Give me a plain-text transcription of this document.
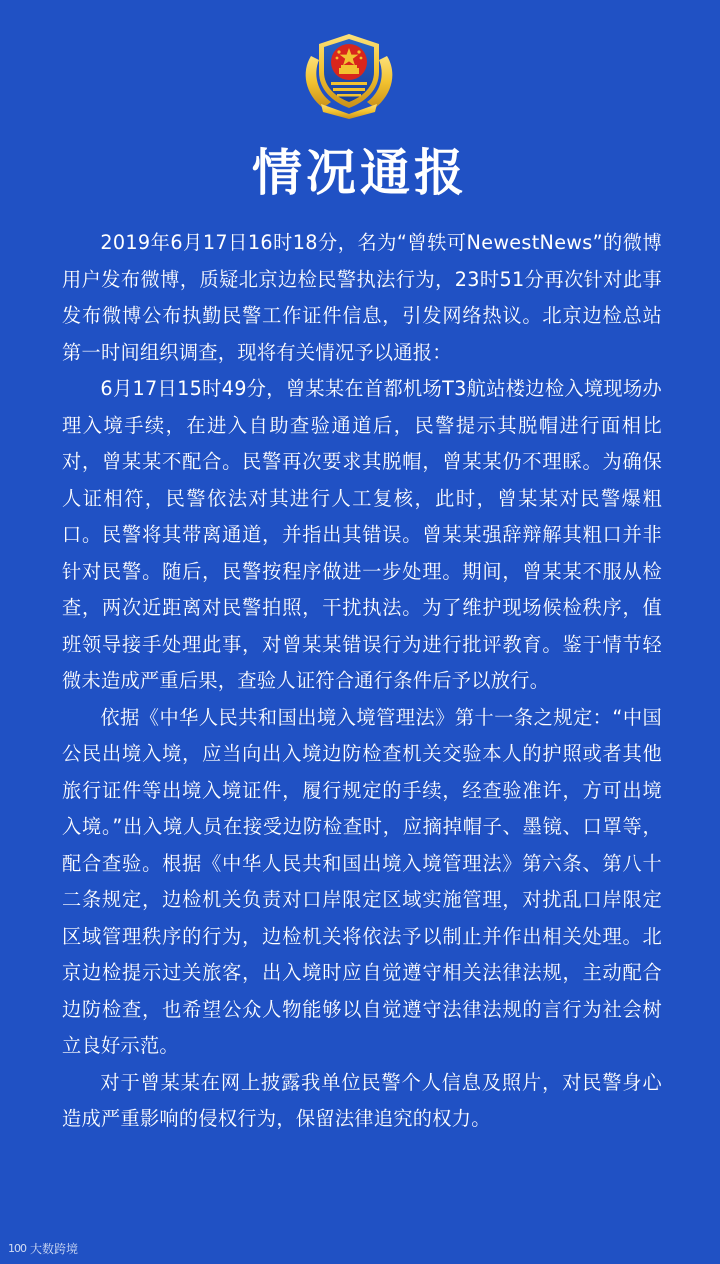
情况通报

2019年6月17日16时18分，名为“曾轶可NewestNews”的微博用户发布微博，质疑北京边检民警执法行为，23时51分再次针对此事发布微博公布执勤民警工作证件信息，引发网络热议。北京边检总站第一时间组织调查，现将有关情况予以通报：

6月17日15时49分，曾某某在首都机场T3航站楼边检入境现场办理入境手续，在进入自助查验通道后，民警提示其脱帽进行面相比对，曾某某不配合。民警再次要求其脱帽，曾某某仍不理睬。为确保人证相符，民警依法对其进行人工复核，此时，曾某某对民警爆粗口。民警将其带离通道，并指出其错误。曾某某强辞辩解其粗口并非针对民警。随后，民警按程序做进一步处理。期间，曾某某不服从检查，两次近距离对民警拍照，干扰执法。为了维护现场候检秩序，值班领导接手处理此事，对曾某某错误行为进行批评教育。鉴于情节轻微未造成严重后果，查验人证符合通行条件后予以放行。

依据《中华人民共和国出境入境管理法》第十一条之规定：“中国公民出境入境，应当向出入境边防检查机关交验本人的护照或者其他旅行证件等出境入境证件，履行规定的手续，经查验准许，方可出境入境。”出入境人员在接受边防检查时，应摘掉帽子、墨镜、口罩等，配合查验。根据《中华人民共和国出境入境管理法》第六条、第八十二条规定，边检机关负责对口岸限定区域实施管理，对扰乱口岸限定区域管理秩序的行为，边检机关将依法予以制止并作出相关处理。北京边检提示过关旅客，出入境时应自觉遵守相关法律法规，主动配合边防检查，也希望公众人物能够以自觉遵守法律法规的言行为社会树立良好示范。

对于曾某某在网上披露我单位民警个人信息及照片，对民警身心造成严重影响的侵权行为，保留法律追究的权力。

100 大数跨境
